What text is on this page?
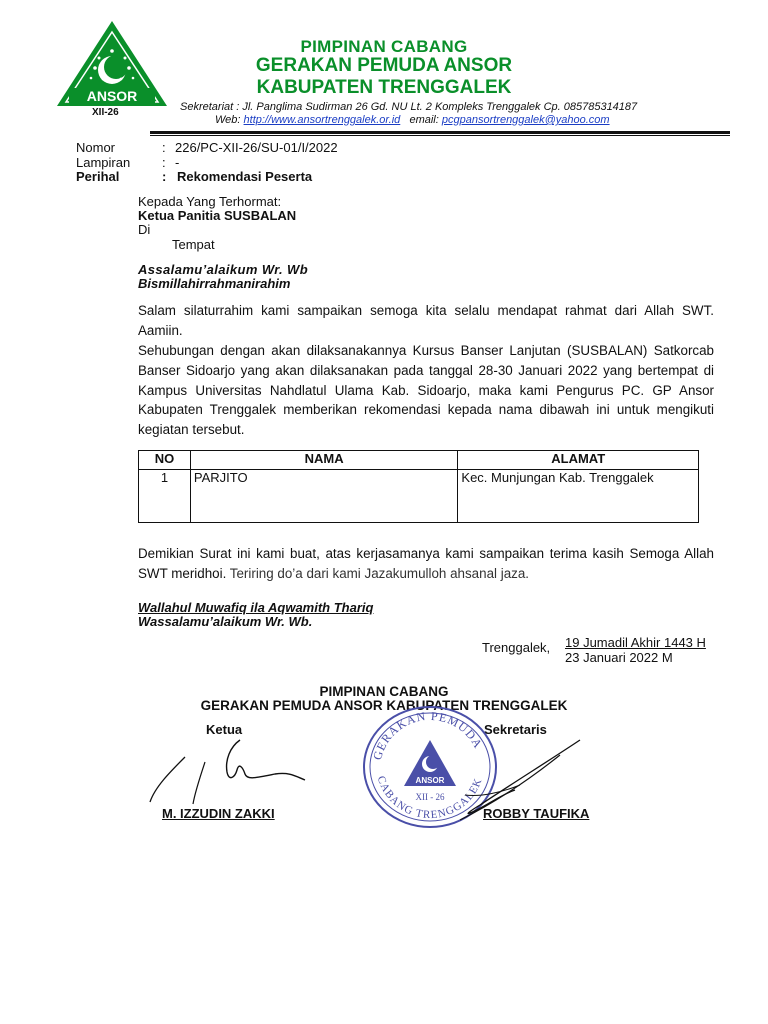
ANSOR
XII-26
PIMPINAN CABANG
GERAKAN PEMUDA ANSOR
KABUPATEN TRENGGALEK
Sekretariat : Jl. Panglima Sudirman 26 Gd. NU Lt. 2 Kompleks Trenggalek Cp. 085785314187
Web: http://www.ansortrenggalek.or.id email: pcgpansortrenggalek@yahoo.com
Nomor	: 226/PC-XII-26/SU-01/I/2022
Lampiran : -
Perihal	: Rekomendasi Peserta
Kepada Yang Terhormat:
Ketua Panitia SUSBALAN
Di
Tempat
Assalamu’alaikum Wr. Wb
Bismillahirrahmanirahim
Salam silaturrahim kami sampaikan semoga kita selalu mendapat rahmat dari Allah SWT. Aamiin.
Sehubungan dengan akan dilaksanakannya Kursus Banser Lanjutan (SUSBALAN) Satkorcab Banser Sidoarjo yang akan dilaksanakan pada tanggal 28-30 Januari 2022 yang bertempat di Kampus Universitas Nahdlatul Ulama Kab. Sidoarjo, maka kami Pengurus PC. GP Ansor Kabupaten Trenggalek memberikan rekomendasi kepada nama dibawah ini untuk mengikuti kegiatan tersebut.
NO	NAMA	ALAMAT
1	PARJITO	Kec. Munjungan Kab. Trenggalek
Demikian Surat ini kami buat, atas kerjasamanya kami sampaikan terima kasih Semoga Allah SWT meridhoi. Teriring do’a dari kami Jazakumulloh ahsanal jaza.
Wallahul Muwafiq ila Aqwamith Thariq
Wassalamu’alaikum Wr. Wb.
Trenggalek, 19 Jumadil Akhir 1443 H
23 Januari 2022 M
PIMPINAN CABANG
GERAKAN PEMUDA ANSOR KABUPATEN TRENGGALEK
Ketua	Sekretaris
GERAKAN PEMUDA
CABANG TRENGGALEK
ANSOR
XII - 26
M. IZZUDIN ZAKKI	ROBBY TAUFIKA
